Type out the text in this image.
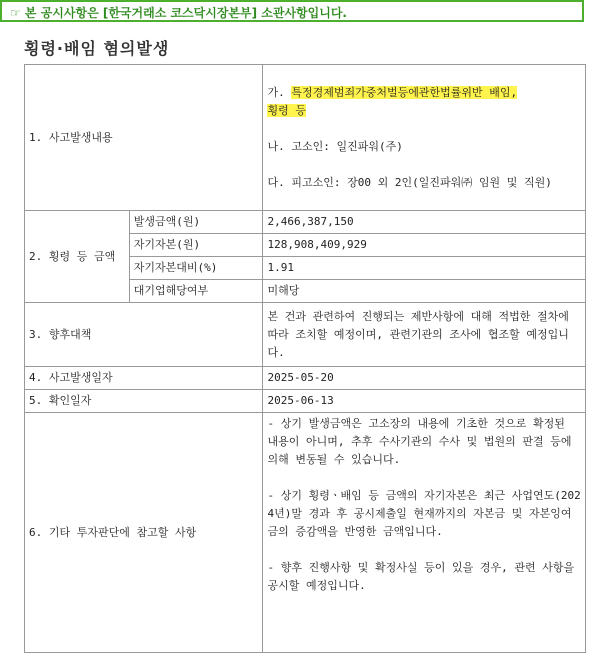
☞ 본 공시사항은 [한국거래소 코스닥시장본부] 소관사항입니다.
횡령·배임 혐의발생
1. 사고발생내용		가. 특정경제범죄가중처벌등에관한법률위반 배임,
횡령 등
나. 고소인: 일진파워(주)
다. 피고소인: 장00 외 2인(일진파워㈜ 임원 및 직원)

2. 횡령 등 금액	발생금액(원)	2,466,387,150
	자기자본(원)	128,908,409,929
	자기자본대비(%)	1.91
	대기업해당여부	미해당
3. 향후대책		본 건과 관련하여 진행되는 제반사항에 대해 적법한 절차에 따라 조치할 예정이며, 관련기관의 조사에 협조할 예정입니다.
4. 사고발생일자		2025-05-20
5. 확인일자		2025-06-13
6. 기타 투자판단에 참고할 사항		- 상기 발생금액은 고소장의 내용에 기초한 것으로 확정된 내용이 아니며, 추후 수사기관의 수사 및 법원의 판결 등에 의해 변동될 수 있습니다.
- 상기 횡령ㆍ배임 등 금액의 자기자본은 최근 사업연도(2024년)말 경과 후 공시제출일 현재까지의 자본금 및 자본잉여금의 증감액을 반영한 금액입니다.
- 향후 진행사항 및 확정사실 등이 있을 경우, 관련 사항을 공시할 예정입니다.
